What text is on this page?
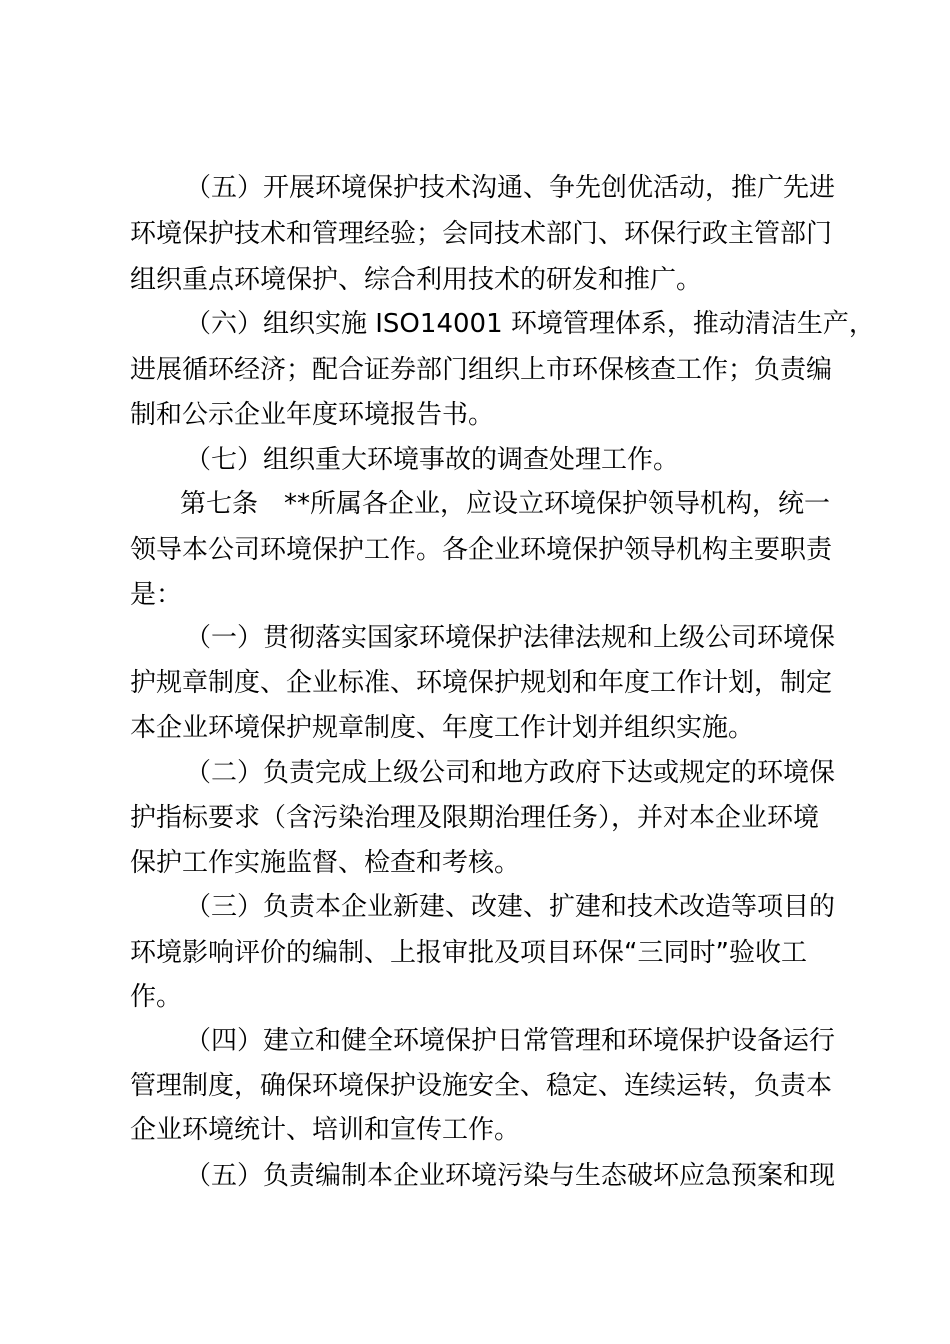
（五）开展环境保护技术沟通、争先创优活动，推广先进
环境保护技术和管理经验；会同技术部门、环保行政主管部门
组织重点环境保护、综合利用技术的研发和推广。
（六）组织实施 ISO14001 环境管理体系，推动清洁生产，
进展循环经济；配合证券部门组织上市环保核查工作；负责编
制和公示企业年度环境报告书。
（七）组织重大环境事故的调查处理工作。
第七条　**所属各企业，应设立环境保护领导机构，统一
领导本公司环境保护工作。各企业环境保护领导机构主要职责
是：
（一）贯彻落实国家环境保护法律法规和上级公司环境保
护规章制度、企业标准、环境保护规划和年度工作计划，制定
本企业环境保护规章制度、年度工作计划并组织实施。
（二）负责完成上级公司和地方政府下达或规定的环境保
护指标要求（含污染治理及限期治理任务），并对本企业环境
保护工作实施监督、检查和考核。
（三）负责本企业新建、改建、扩建和技术改造等项目的
环境影响评价的编制、上报审批及项目环保“三同时”验收工
作。
（四）建立和健全环境保护日常管理和环境保护设备运行
管理制度，确保环境保护设施安全、稳定、连续运转，负责本
企业环境统计、培训和宣传工作。
（五）负责编制本企业环境污染与生态破坏应急预案和现
